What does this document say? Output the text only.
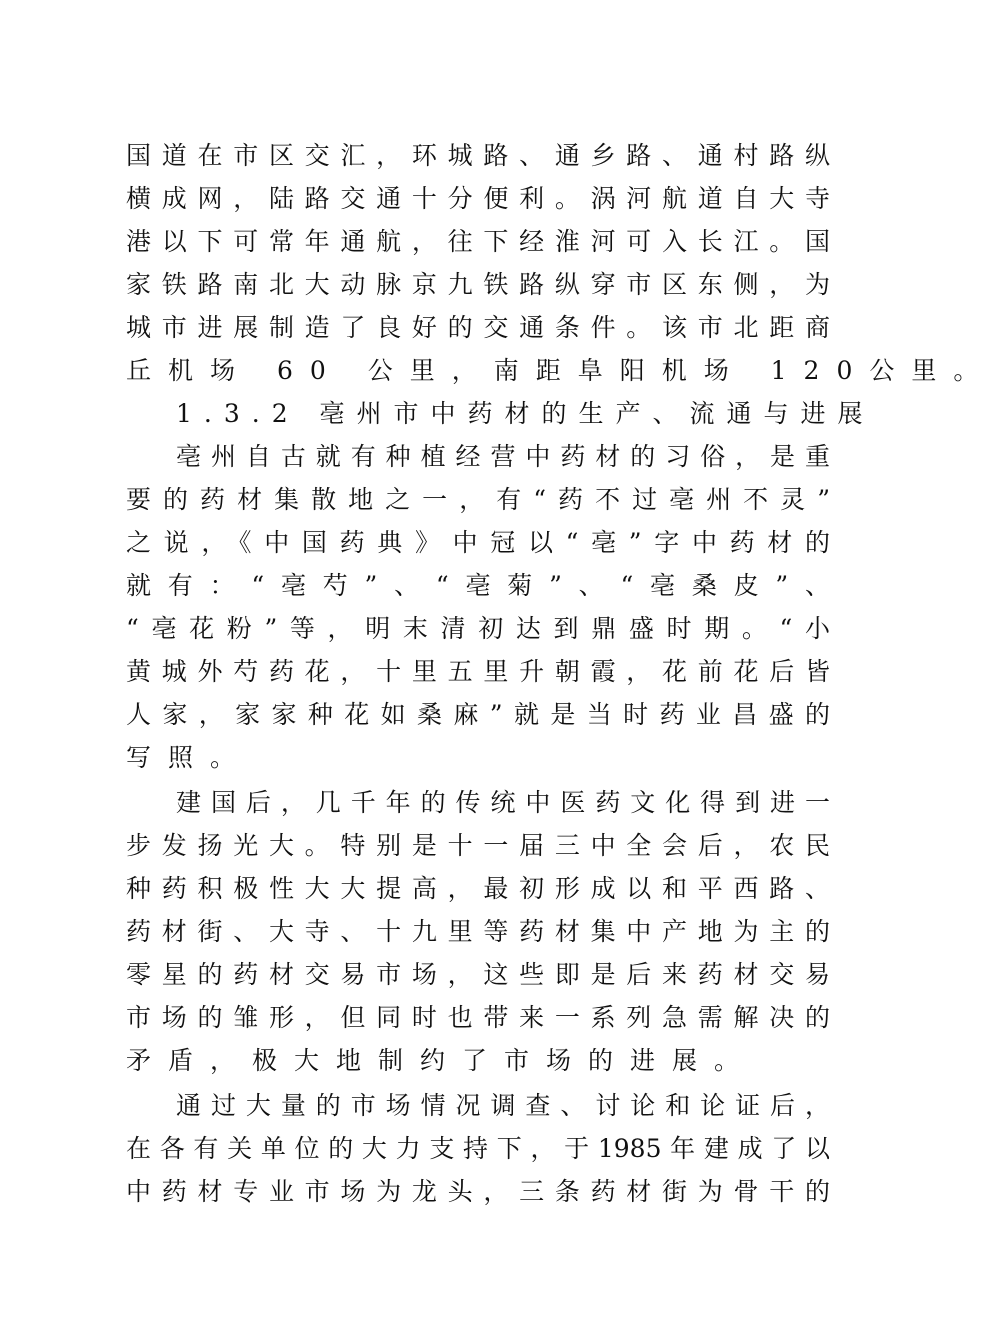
国道在市区交汇，环城路、通乡路、通村路纵
横成网，陆路交通十分便利。涡河航道自大寺
港以下可常年通航，往下经淮河可入长江。国
家铁路南北大动脉京九铁路纵穿市区东侧，为
城市进展制造了良好的交通条件。该市北距商
丘机场 60 公里，南距阜阳机场 120公里。
1.3.2 亳州市中药材的生产、流通与进展
亳州自古就有种植经营中药材的习俗，是重
要的药材集散地之一，有“药不过亳州不灵”
之说，《中国药典》中冠以“亳”字中药材的
就有：“亳芍”、“亳菊”、“亳桑皮”、
“亳花粉”等，明末清初达到鼎盛时期。“小
黄城外芍药花，十里五里升朝霞，花前花后皆
人家，家家种花如桑麻”就是当时药业昌盛的
写照。
建国后，几千年的传统中医药文化得到进一
步发扬光大。特别是十一届三中全会后，农民
种药积极性大大提高，最初形成以和平西路、
药材街、大寺、十九里等药材集中产地为主的
零星的药材交易市场，这些即是后来药材交易
市场的雏形，但同时也带来一系列急需解决的
矛盾，极大地制约了市场的进展。
通过大量的市场情况调查、讨论和论证后，
在各有关单位的大力支持下，于1985年建成了以
中药材专业市场为龙头，三条药材街为骨干的
